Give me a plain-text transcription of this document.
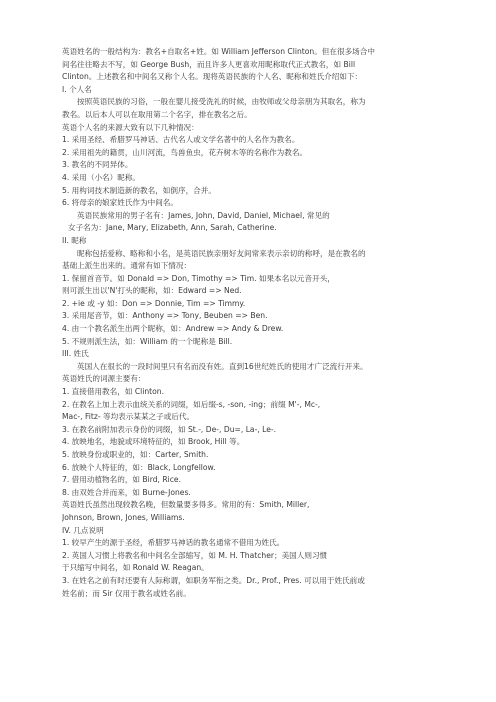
英语姓名的一般结构为：教名+自取名+姓。如 William Jefferson Clinton。但在很多场合中
间名往往略去不写，如 George Bush，而且许多人更喜欢用昵称取代正式教名，如 Bill
Clinton。上述教名和中间名又称个人名。现将英语民族的个人名、昵称和姓氏介绍如下：
I. 个人名
按照英语民族的习俗，一般在婴儿接受洗礼的时候，由牧师或父母亲朋为其取名，称为
教名。以后本人可以在取用第二个名字，排在教名之后。
英语个人名的来源大致有以下几种情况：
1. 采用圣经、希腊罗马神话、古代名人或文学名著中的人名作为教名。
2. 采用祖先的籍贯，山川河流，鸟兽鱼虫，花卉树木等的名称作为教名。
3. 教名的不同异体。
4. 采用（小名）昵称。
5. 用构词技术制造新的教名，如倒序，合并。
6. 将母亲的娘家姓氏作为中间名。
英语民族常用的男子名有：James, John, David, Daniel, Michael, 常见的
女子名为：Jane, Mary, Elizabeth, Ann, Sarah, Catherine.
II. 昵称
昵称包括爱称、略称和小名，是英语民族亲朋好友间常来表示亲切的称呼，是在教名的
基础上派生出来的。通常有如下情况：
1. 保留首音节。如 Donald => Don, Timothy => Tim. 如果本名以元音开头，
则可派生出以'N'打头的昵称，如：Edward => Ned.
2. +ie 或 -y 如：Don => Donnie, Tim => Timmy.
3. 采用尾音节，如：Anthony => Tony, Beuben => Ben.
4. 由一个教名派生出两个昵称，如：Andrew => Andy & Drew.
5. 不规则派生法，如：William 的一个昵称是 Bill.
III. 姓氏
英国人在很长的一段时间里只有名而没有姓。直到16世纪姓氏的使用才广泛流行开来。
英语姓氏的词源主要有：
1. 直接借用教名，如 Clinton.
2. 在教名上加上表示血统关系的词缀，如后缀-s, -son, -ing；前缀 M'-, Mc-,
Mac-, Fitz- 等均表示某某之子或后代。
3. 在教名前附加表示身份的词缀，如 St.-, De-, Du=, La-, Le-.
4. 放映地名，地貌或环境特征的，如 Brook, Hill 等。
5. 放映身份或职业的，如：Carter, Smith.
6. 放映个人特征的，如：Black, Longfellow.
7. 借用动植物名的，如 Bird, Rice.
8. 由双姓合并而来，如 Burne-Jones.
英语姓氏虽然出现较教名晚，但数量要多得多。常用的有：Smith, Miller,
Johnson, Brown, Jones, Williams.
IV. 几点说明
1. 较早产生的源于圣经，希腊罗马神话的教名通常不借用为姓氏。
2. 英国人习惯上将教名和中间名全部缩写，如 M. H. Thatcher；美国人则习惯
于只缩写中间名，如 Ronald W. Reagan。
3. 在姓名之前有时还要有人际称谓，如职务军衔之类。Dr., Prof., Pres. 可以用于姓氏前或
姓名前；而 Sir 仅用于教名或姓名前。
